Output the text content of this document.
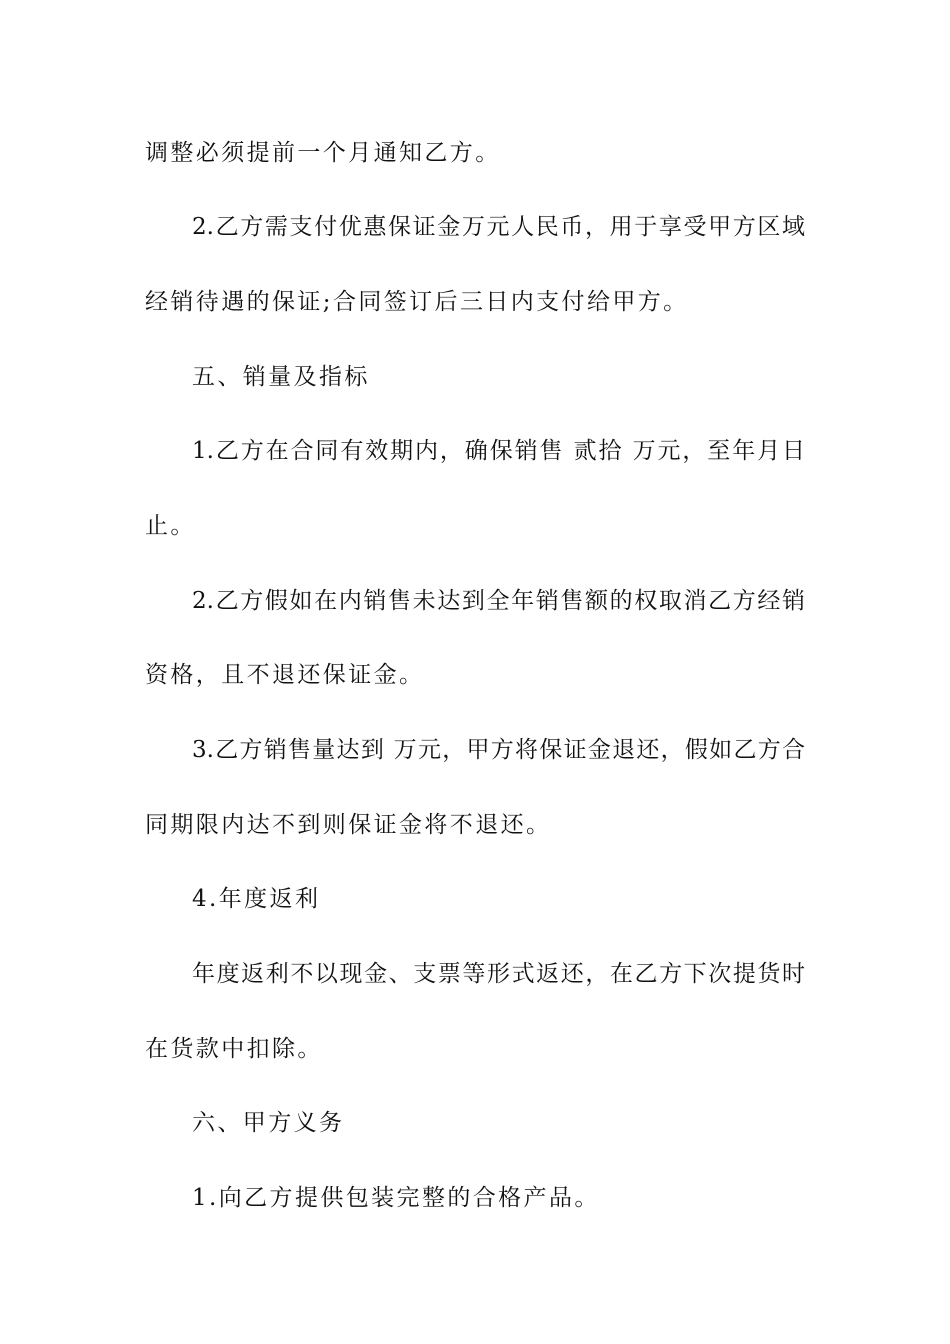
调整必须提前一个月通知乙方。
2.乙方需支付优惠保证金万元人民币，用于享受甲方区域
经销待遇的保证;合同签订后三日内支付给甲方。
五、销量及指标
1.乙方在合同有效期内，确保销售 贰拾 万元，至年月日
止。
2.乙方假如在内销售未达到全年销售额的权取消乙方经销
资格，且不退还保证金。
3.乙方销售量达到 万元，甲方将保证金退还，假如乙方合
同期限内达不到则保证金将不退还。
4.年度返利
年度返利不以现金、支票等形式返还，在乙方下次提货时
在货款中扣除。
六、甲方义务
1.向乙方提供包装完整的合格产品。
